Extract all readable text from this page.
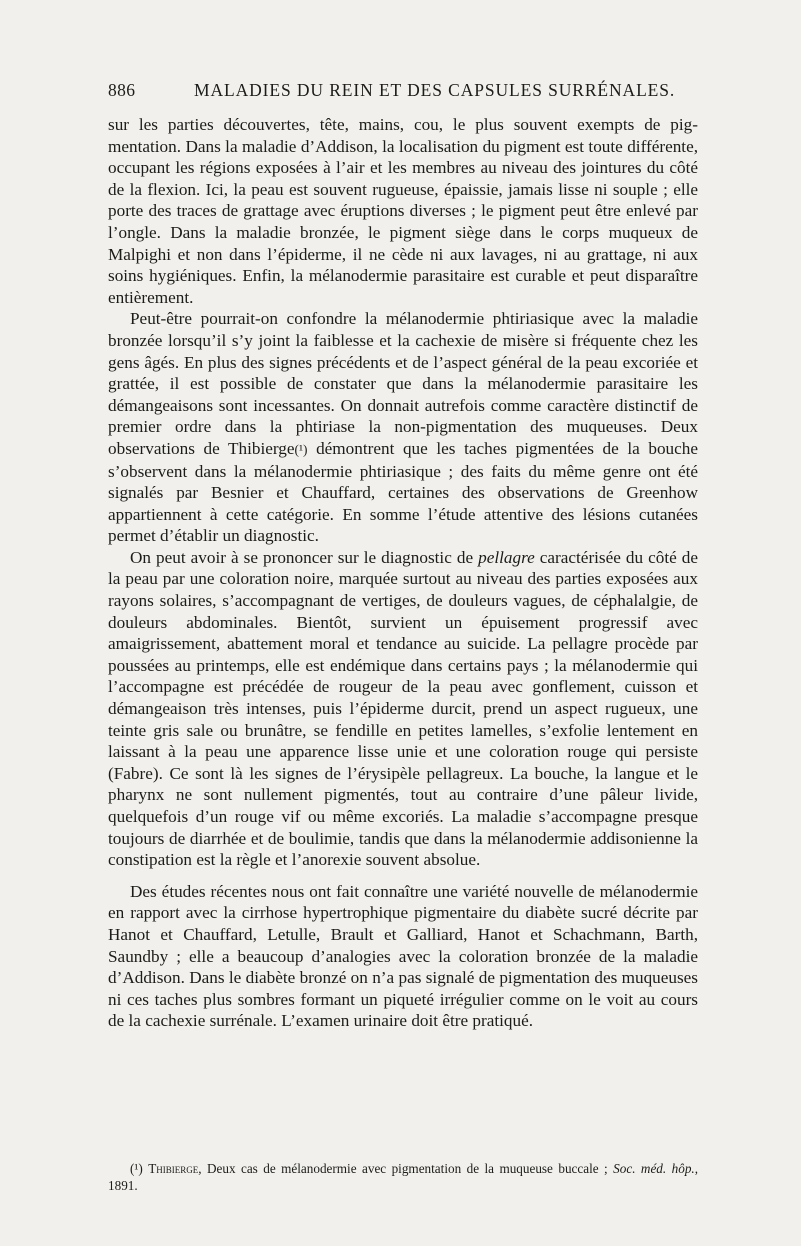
886	MALADIES DU REIN ET DES CAPSULES SURRÉNALES.

sur les parties découvertes, tête, mains, cou, le plus souvent exempts de pigmentation. Dans la maladie d’Addison, la localisation du pigment est toute différente, occupant les régions exposées à l’air et les membres au niveau des jointures du côté de la flexion. Ici, la peau est souvent rugueuse, épaissie, jamais lisse ni souple ; elle porte des traces de grattage avec éruptions diverses ; le pigment peut être enlevé par l’ongle. Dans la maladie bronzée, le pigment siège dans le corps muqueux de Malpighi et non dans l’épiderme, il ne cède ni aux lavages, ni au grattage, ni aux soins hygiéniques. Enfin, la mélanodermie parasitaire est curable et peut disparaître entièrement.

Peut-être pourrait-on confondre la mélanodermie phtiriasique avec la maladie bronzée lorsqu’il s’y joint la faiblesse et la cachexie de misère si fréquente chez les gens âgés. En plus des signes précédents et de l’aspect général de la peau excoriée et grattée, il est possible de constater que dans la mélanodermie parasitaire les démangeaisons sont incessantes. On donnait autrefois comme caractère distinctif de premier ordre dans la phtiriase la non-pigmentation des muqueuses. Deux observations de Thibierge(¹) démontrent que les taches pigmentées de la bouche s’observent dans la mélanodermie phtiriasique ; des faits du même genre ont été signalés par Besnier et Chauffard, certaines des observations de Greenhow appartiennent à cette catégorie. En somme l’étude attentive des lésions cutanées permet d’établir un diagnostic.

On peut avoir à se prononcer sur le diagnostic de pellagre caractérisée du côté de la peau par une coloration noire, marquée surtout au niveau des parties exposées aux rayons solaires, s’accompagnant de vertiges, de douleurs vagues, de céphalalgie, de douleurs abdominales. Bientôt, survient un épuisement progressif avec amaigrissement, abattement moral et tendance au suicide. La pellagre procède par poussées au printemps, elle est endémique dans certains pays ; la mélanodermie qui l’accompagne est précédée de rougeur de la peau avec gonflement, cuisson et démangeaison très intenses, puis l’épiderme durcit, prend un aspect rugueux, une teinte gris sale ou brunâtre, se fendille en petites lamelles, s’exfolie lentement en laissant à la peau une apparence lisse unie et une coloration rouge qui persiste (Fabre). Ce sont là les signes de l’érysipèle pellagreux. La bouche, la langue et le pharynx ne sont nullement pigmentés, tout au contraire d’une pâleur livide, quelquefois d’un rouge vif ou même excoriés. La maladie s’accompagne presque toujours de diarrhée et de boulimie, tandis que dans la mélanodermie addisonienne la constipation est la règle et l’anorexie souvent absolue.

Des études récentes nous ont fait connaître une variété nouvelle de mélanodermie en rapport avec la cirrhose hypertrophique pigmentaire du diabète sucré décrite par Hanot et Chauffard, Letulle, Brault et Galliard, Hanot et Schachmann, Barth, Saundby ; elle a beaucoup d’analogies avec la coloration bronzée de la maladie d’Addison. Dans le diabète bronzé on n’a pas signalé de pigmentation des muqueuses ni ces taches plus sombres formant un piqueté irrégulier comme on le voit au cours de la cachexie surrénale. L’examen urinaire doit être pratiqué.

(¹) Thibierge, Deux cas de mélanodermie avec pigmentation de la muqueuse buccale ; Soc. méd. hôp., 1891.
